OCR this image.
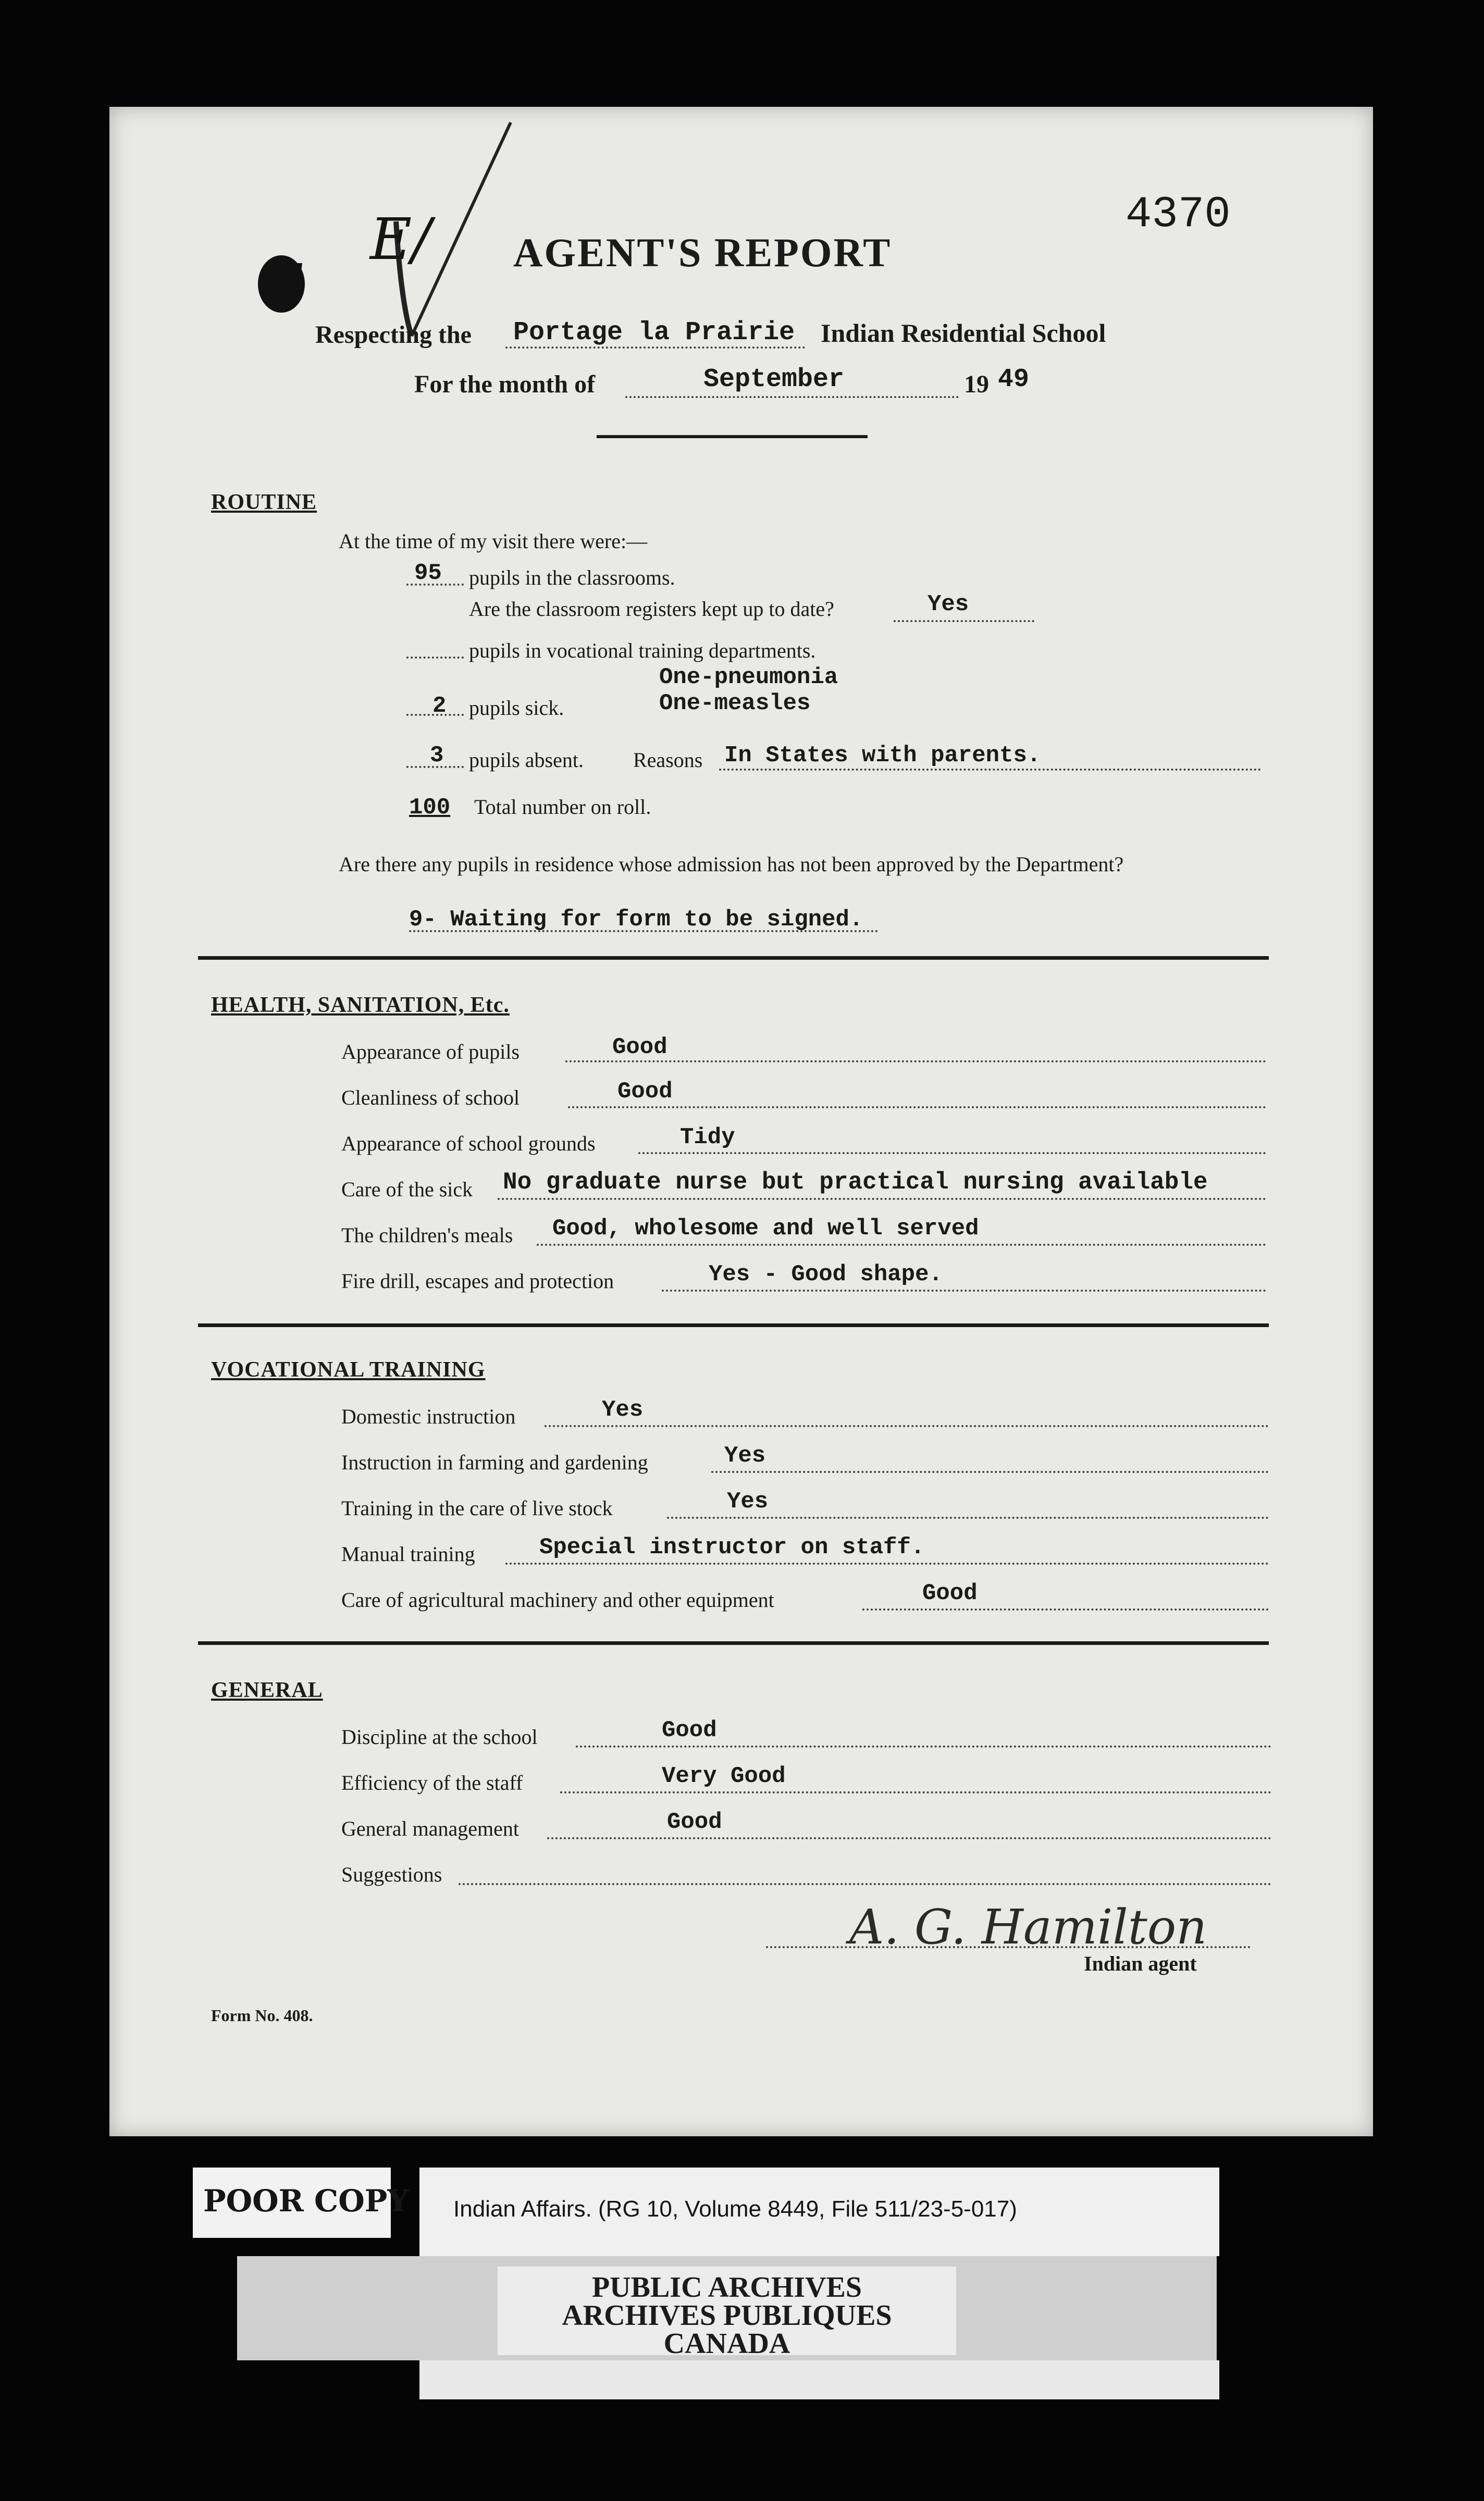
E/	4370
AGENT'S REPORT
Respecting the Portage la Prairie Indian Residential School
For the month of	September	19 49
ROUTINE
At the time of my visit there were:—
95 pupils in the classrooms.
Are the classroom registers kept up to date?	Yes
pupils in vocational training departments.
One-pneumonia
2 pupils sick.	One-measles
3 pupils absent. Reasons In States with parents.
100 Total number on roll.
Are there any pupils in residence whose admission has not been approved by the Department?
9- Waiting for form to be signed.
HEALTH, SANITATION, Etc.
Appearance of pupils	Good
Cleanliness of school	Good
Appearance of school grounds	Tidy
Care of the sick No graduate nurse but practical nursing available
The children's meals Good, wholesome and well served
Fire drill, escapes and protection	Yes - Good shape.
VOCATIONAL TRAINING
Domestic instruction	Yes
Instruction in farming and gardening	Yes
Training in the care of live stock	Yes
Manual training	Special instructor on staff.
Care of agricultural machinery and other equipment	Good
GENERAL
Discipline at the school	Good
Efficiency of the staff	Very Good
General management	Good
Suggestions
A. G. Hamilton
Indian agent
Form No. 408.
POOR COPY Indian Affairs. (RG 10, Volume 8449, File 511/23-5-017)
PUBLIC ARCHIVES
ARCHIVES PUBLIQUES
CANADA
